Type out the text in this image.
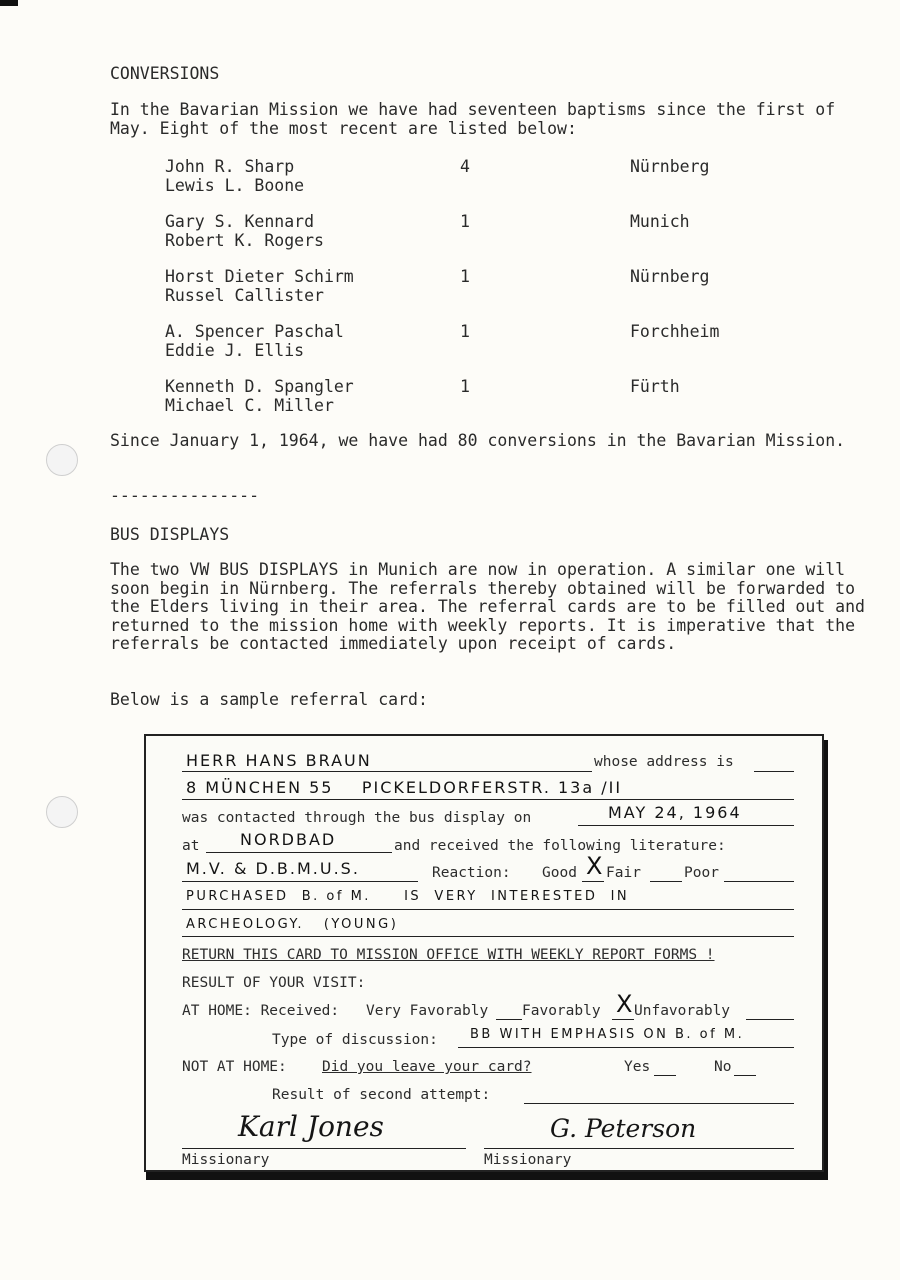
CONVERSIONS
In the Bavarian Mission we have had seventeen baptisms since the first of May. Eight of the most recent are listed below:
John R. Sharp
Lewis L. Boone
4	Nürnberg
Gary S. Kennard
Robert K. Rogers
1	Munich
Horst Dieter Schirm
Russel Callister
1	Nürnberg
A. Spencer Paschal
Eddie J. Ellis
1	Forchheim
Kenneth D. Spangler
Michael C. Miller
1	Fürth
Since January 1, 1964, we have had 80 conversions in the Bavarian Mission.
---------------
BUS DISPLAYS
The two VW BUS DISPLAYS in Munich are now in operation. A similar one will soon begin in Nürnberg. The referrals thereby obtained will be forwarded to the Elders living in their area. The referral cards are to be filled out and returned to the mission home with weekly reports. It is imperative that the referrals be contacted immediately upon receipt of cards.
Below is a sample referral card:
HERR HANS BRAUN	whose address is
8 MÜNCHEN 55    PICKELDORFERSTR. 13a /II
was contacted through the bus display on	MAY 24, 1964
at	NORDBAD	and received the following literature:
M.V. & D.B.M.U.S.	Reaction: Good X Fair	Poor
PURCHASED  B. of M.     IS  VERY  INTERESTED  IN
ARCHEOLOGY.   (YOUNG)
RETURN THIS CARD TO MISSION OFFICE WITH WEEKLY REPORT FORMS !
RESULT OF YOUR VISIT:
AT HOME: Received: Very Favorably Favorably X Unfavorably
Type of discussion: BB WITH EMPHASIS ON B. of M.
NOT AT HOME: Did you leave your card?	Yes	No
Result of second attempt:
Karl Jones
Missionary
G. Peterson
Missionary
